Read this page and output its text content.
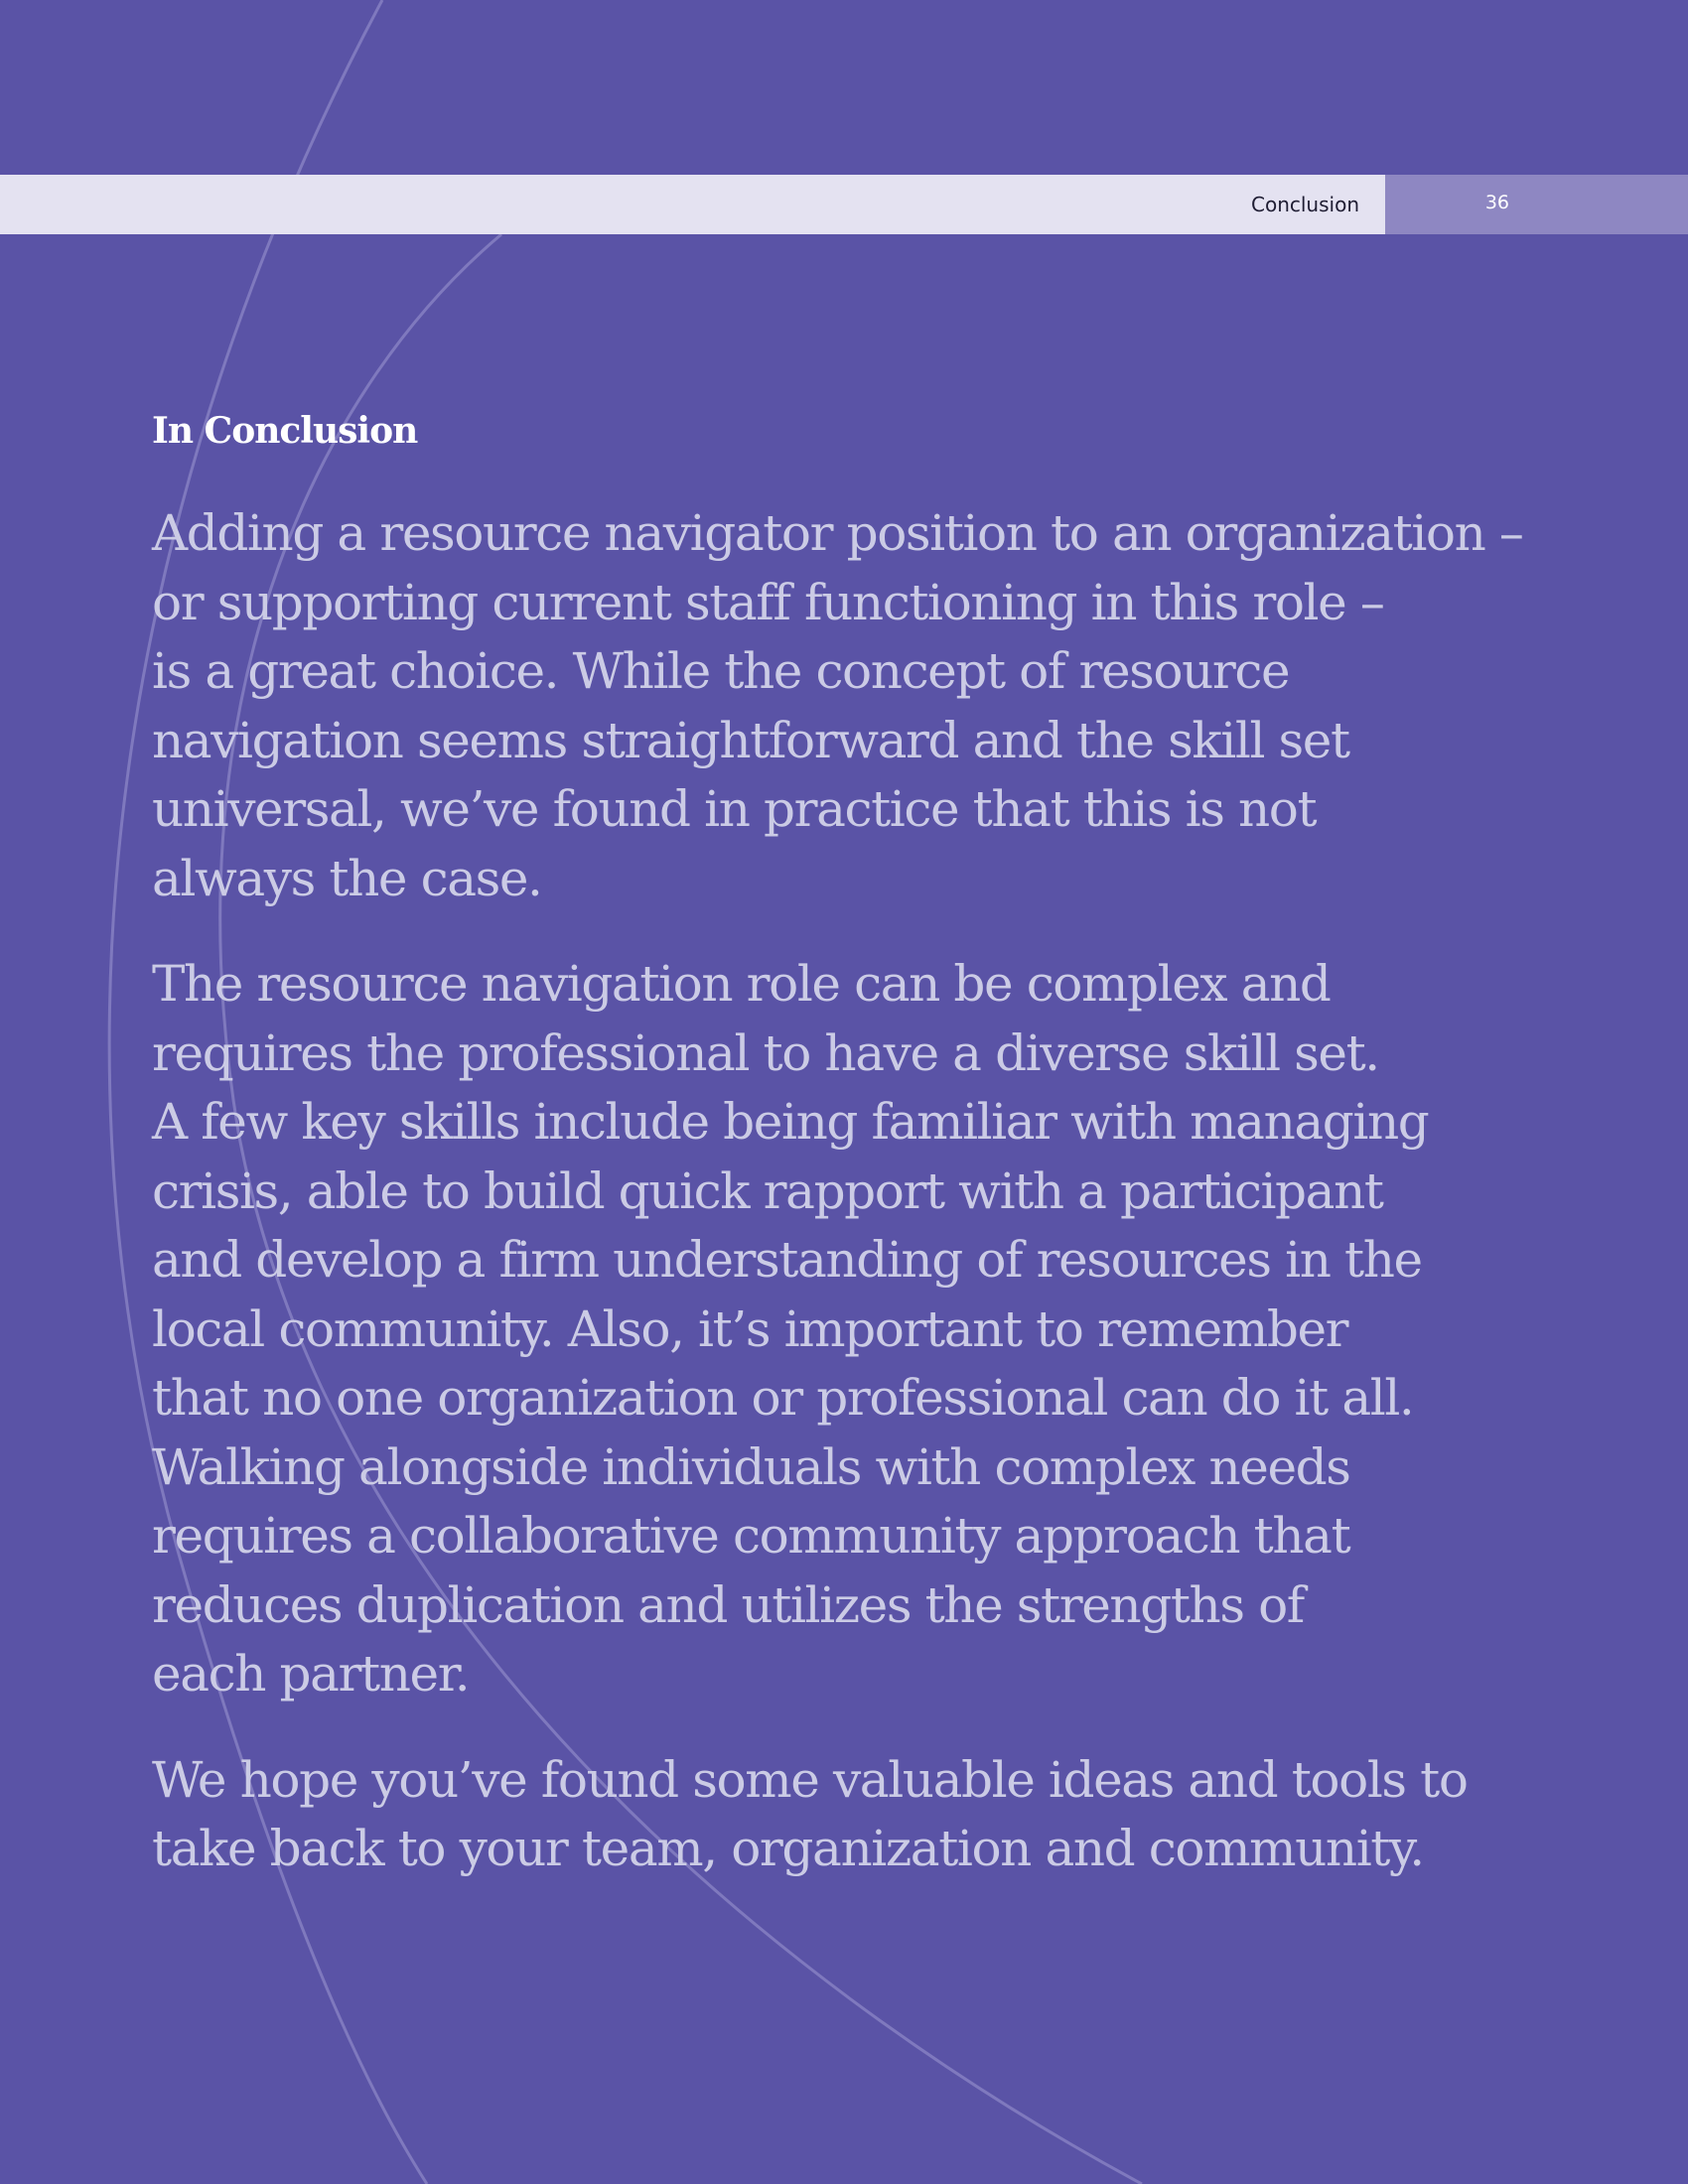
Conclusion	36
In Conclusion

Adding a resource navigator position to an organization –
or supporting current staff functioning in this role –
is a great choice. While the concept of resource
navigation seems straightforward and the skill set
universal, we’ve found in practice that this is not
always the case.

The resource navigation role can be complex and
requires the professional to have a diverse skill set.
A few key skills include being familiar with managing
crisis, able to build quick rapport with a participant
and develop a firm understanding of resources in the
local community. Also, it’s important to remember
that no one organization or professional can do it all.
Walking alongside individuals with complex needs
requires a collaborative community approach that
reduces duplication and utilizes the strengths of
each partner.

We hope you’ve found some valuable ideas and tools to
take back to your team, organization and community.
